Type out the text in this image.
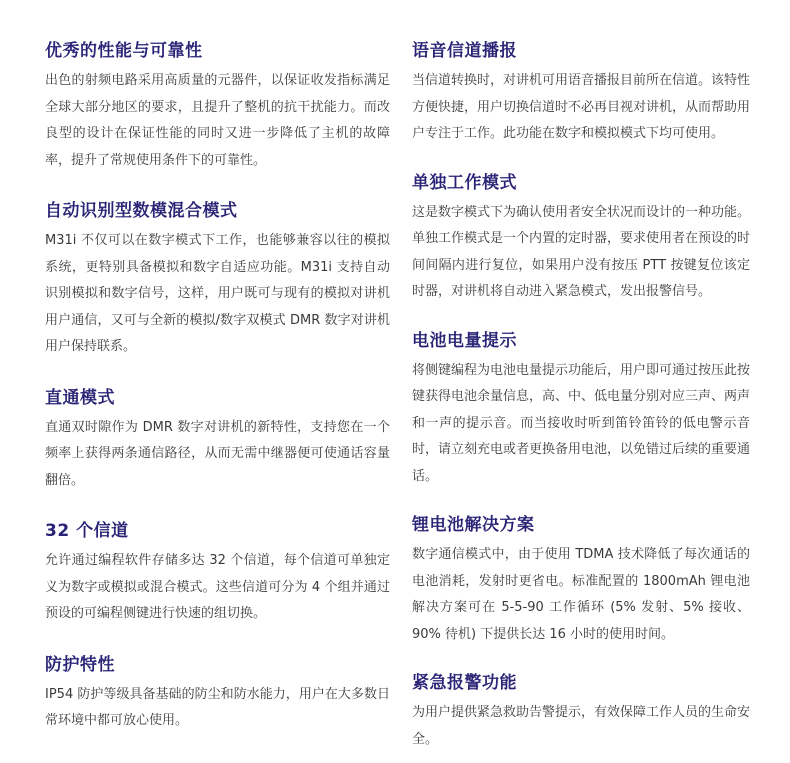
优秀的性能与可靠性

出色的射频电路采用高质量的元器件，以保证收发指标满足全球大部分地区的要求，且提升了整机的抗干扰能力。而改良型的设计在保证性能的同时又进一步降低了主机的故障率，提升了常规使用条件下的可靠性。

自动识别型数模混合模式

M31i 不仅可以在数字模式下工作，也能够兼容以往的模拟系统，更特别具备模拟和数字自适应功能。M31i 支持自动识别模拟和数字信号，这样，用户既可与现有的模拟对讲机用户通信，又可与全新的模拟/数字双模式 DMR 数字对讲机用户保持联系。

直通模式

直通双时隙作为 DMR 数字对讲机的新特性，支持您在一个频率上获得两条通信路径，从而无需中继器便可使通话容量翻倍。

32 个信道

允许通过编程软件存储多达 32 个信道，每个信道可单独定义为数字或模拟或混合模式。这些信道可分为 4 个组并通过预设的可编程侧键进行快速的组切换。

防护特性

IP54 防护等级具备基础的防尘和防水能力，用户在大多数日常环境中都可放心使用。

语音信道播报

当信道转换时，对讲机可用语音播报目前所在信道。该特性方便快捷，用户切换信道时不必再目视对讲机，从而帮助用户专注于工作。此功能在数字和模拟模式下均可使用。

单独工作模式

这是数字模式下为确认使用者安全状况而设计的一种功能。单独工作模式是一个内置的定时器，要求使用者在预设的时间间隔内进行复位，如果用户没有按压 PTT 按键复位该定时器，对讲机将自动进入紧急模式，发出报警信号。

电池电量提示

将侧键编程为电池电量提示功能后，用户即可通过按压此按键获得电池余量信息，高、中、低电量分别对应三声、两声和一声的提示音。而当接收时听到笛铃笛铃的低电警示音时，请立刻充电或者更换备用电池，以免错过后续的重要通话。

锂电池解决方案

数字通信模式中，由于使用 TDMA 技术降低了每次通话的电池消耗，发射时更省电。标准配置的 1800mAh 锂电池解决方案可在 5-5-90 工作循环 (5% 发射、5% 接收、90% 待机) 下提供长达 16 小时的使用时间。

紧急报警功能

为用户提供紧急救助告警提示，有效保障工作人员的生命安全。
